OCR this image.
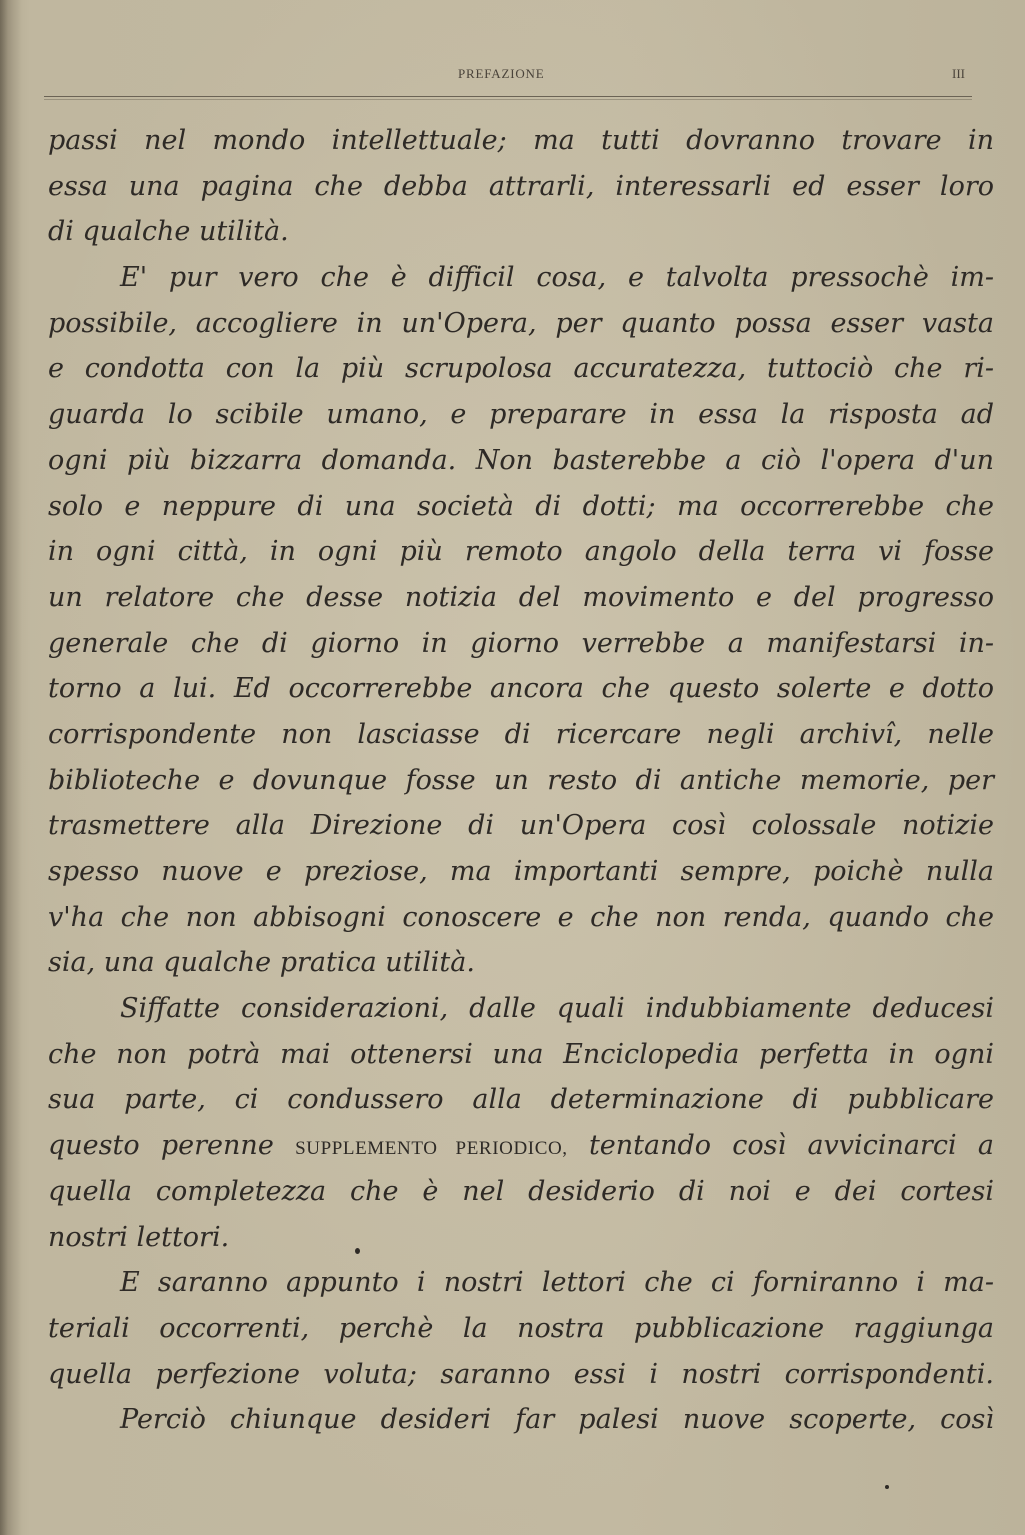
PREFAZIONE	III
passi nel mondo intellettuale; ma tutti dovranno trovare in
essa una pagina che debba attrarli, interessarli ed esser loro
di qualche utilità.
E' pur vero che è difficil cosa, e talvolta pressochè im-
possibile, accogliere in un'Opera, per quanto possa esser vasta
e condotta con la più scrupolosa accuratezza, tuttociò che ri-
guarda lo scibile umano, e preparare in essa la risposta ad
ogni più bizzarra domanda. Non basterebbe a ciò l'opera d'un
solo e neppure di una società di dotti; ma occorrerebbe che
in ogni città, in ogni più remoto angolo della terra vi fosse
un relatore che desse notizia del movimento e del progresso
generale che di giorno in giorno verrebbe a manifestarsi in-
torno a lui. Ed occorrerebbe ancora che questo solerte e dotto
corrispondente non lasciasse di ricercare negli archivî, nelle
biblioteche e dovunque fosse un resto di antiche memorie, per
trasmettere alla Direzione di un'Opera così colossale notizie
spesso nuove e preziose, ma importanti sempre, poichè nulla
v'ha che non abbisogni conoscere e che non renda, quando che
sia, una qualche pratica utilità.
Siffatte considerazioni, dalle quali indubbiamente deducesi
che non potrà mai ottenersi una Enciclopedia perfetta in ogni
sua parte, ci condussero alla determinazione di pubblicare
questo perenne SUPPLEMENTO PERIODICO, tentando così avvicinarci a
quella completezza che è nel desiderio di noi e dei cortesi
nostri lettori.
E saranno appunto i nostri lettori che ci forniranno i ma-
teriali occorrenti, perchè la nostra pubblicazione raggiunga
quella perfezione voluta; saranno essi i nostri corrispondenti.
Perciò chiunque desideri far palesi nuove scoperte, così
